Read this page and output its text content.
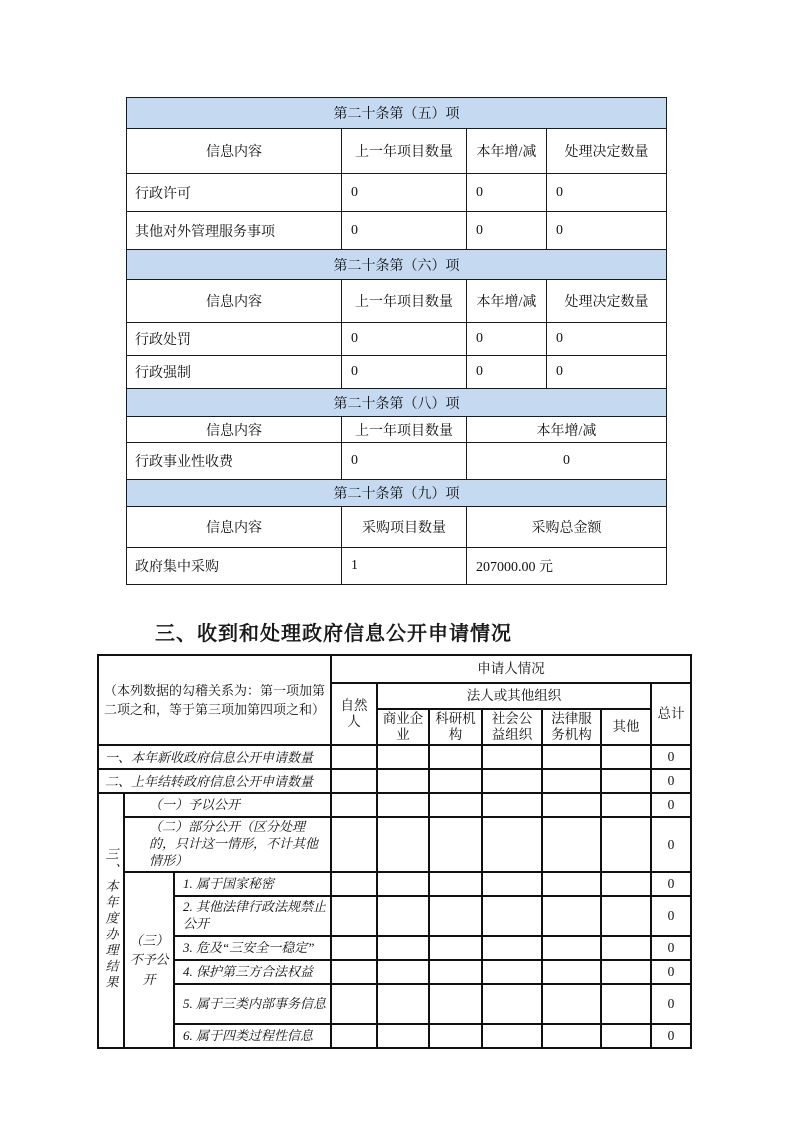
第二十条第（五）项			
信息内容	上一年项目数量	本年增/减	处理决定数量
行政许可	0	0	0
其他对外管理服务事项	0	0	0
第二十条第（六）项			
信息内容	上一年项目数量	本年增/减	处理决定数量
行政处罚	0	0	0
行政强制	0	0	0
第二十条第（八）项			
信息内容	上一年项目数量	本年增/减	
行政事业性收费	0	0	
第二十条第（九）项			
信息内容	采购项目数量	采购总金额	
政府集中采购	1	207000.00 元	
三、收到和处理政府信息公开申请情况
（本列数据的勾稽关系为：第一项加第二项之和，等于第三项加第四项之和）			申请人情况						
			自然人	法人或其他组织					总计
				商业企业	科研机构	社会公益组织	法律服务机构	其他	
一、本年新收政府信息公开申请数量									0
二、上年结转政府信息公开申请数量									0
三、本年度办理结果	（一）予以公开								0
	（二）部分公开（区分处理的，只计这一情形，不计其他情形）								0
	（三）不予公开	1. 属于国家秘密							0
		2. 其他法律行政法规禁止公开							0
		3. 危及“三安全一稳定”							0
		4. 保护第三方合法权益							0
		5. 属于三类内部事务信息							0
		6. 属于四类过程性信息							0
